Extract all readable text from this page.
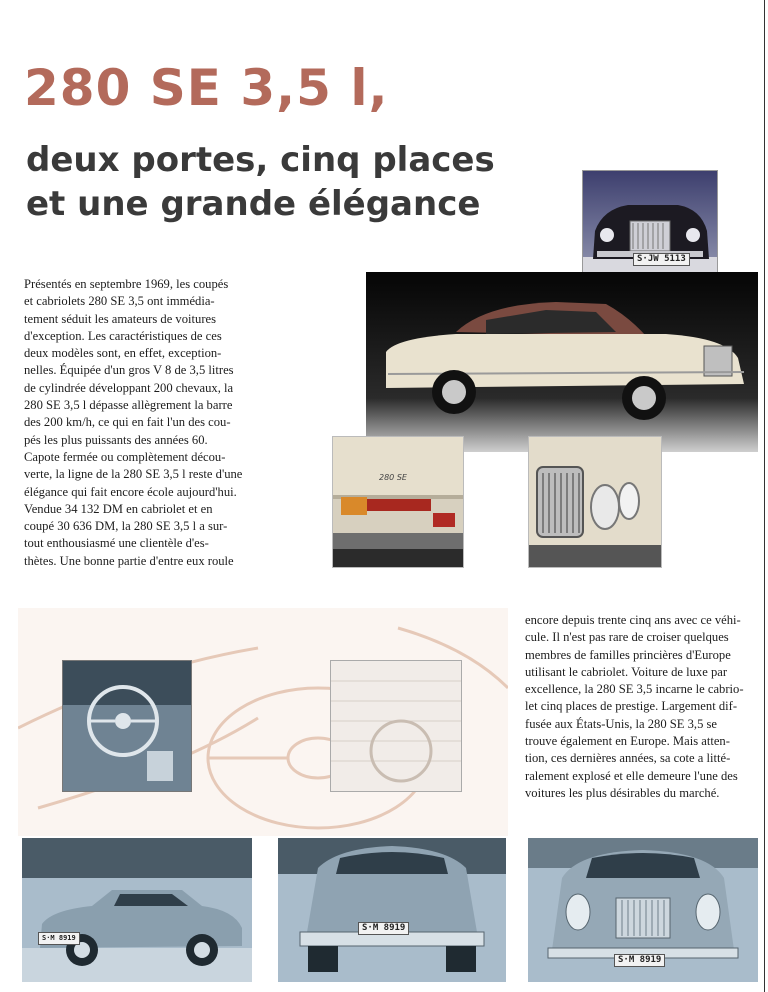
280 SE 3,5 l,
deux portes, cinq places
et une grande élégance
Présentés en septembre 1969, les coupés
et cabriolets 280 SE 3,5 ont immédia-
tement séduit les amateurs de voitures
d'exception. Les caractéristiques de ces
deux modèles sont, en effet, exception-
nelles. Équipée d'un gros V 8 de 3,5 litres
de cylindrée développant 200 chevaux, la
280 SE 3,5 l dépasse allègrement la barre
des 200 km/h, ce qui en fait l'un des cou-
pés les plus puissants des années 60.
Capote fermée ou complètement décou-
verte, la ligne de la 280 SE 3,5 l reste d'une
élégance qui fait encore école aujourd'hui.
Vendue 34 132 DM en cabriolet et en
coupé 30 636 DM, la 280 SE 3,5 l a sur-
tout enthousiasmé une clientèle d'es-
thètes. Une bonne partie d'entre eux roule
S·JW 5113
280 SE
encore depuis trente cinq ans avec ce véhi-
cule. Il n'est pas rare de croiser quelques
membres de familles princières d'Europe
utilisant le cabriolet. Voiture de luxe par
excellence, la 280 SE 3,5 incarne le cabrio-
let cinq places de prestige. Largement dif-
fusée aux États-Unis, la 280 SE 3,5 se
trouve également en Europe. Mais atten-
tion, ces dernières années, sa cote a litté-
ralement explosé et elle demeure l'une des
voitures les plus désirables du marché.
S·M 8919
S·M 8919
S·M 8919
